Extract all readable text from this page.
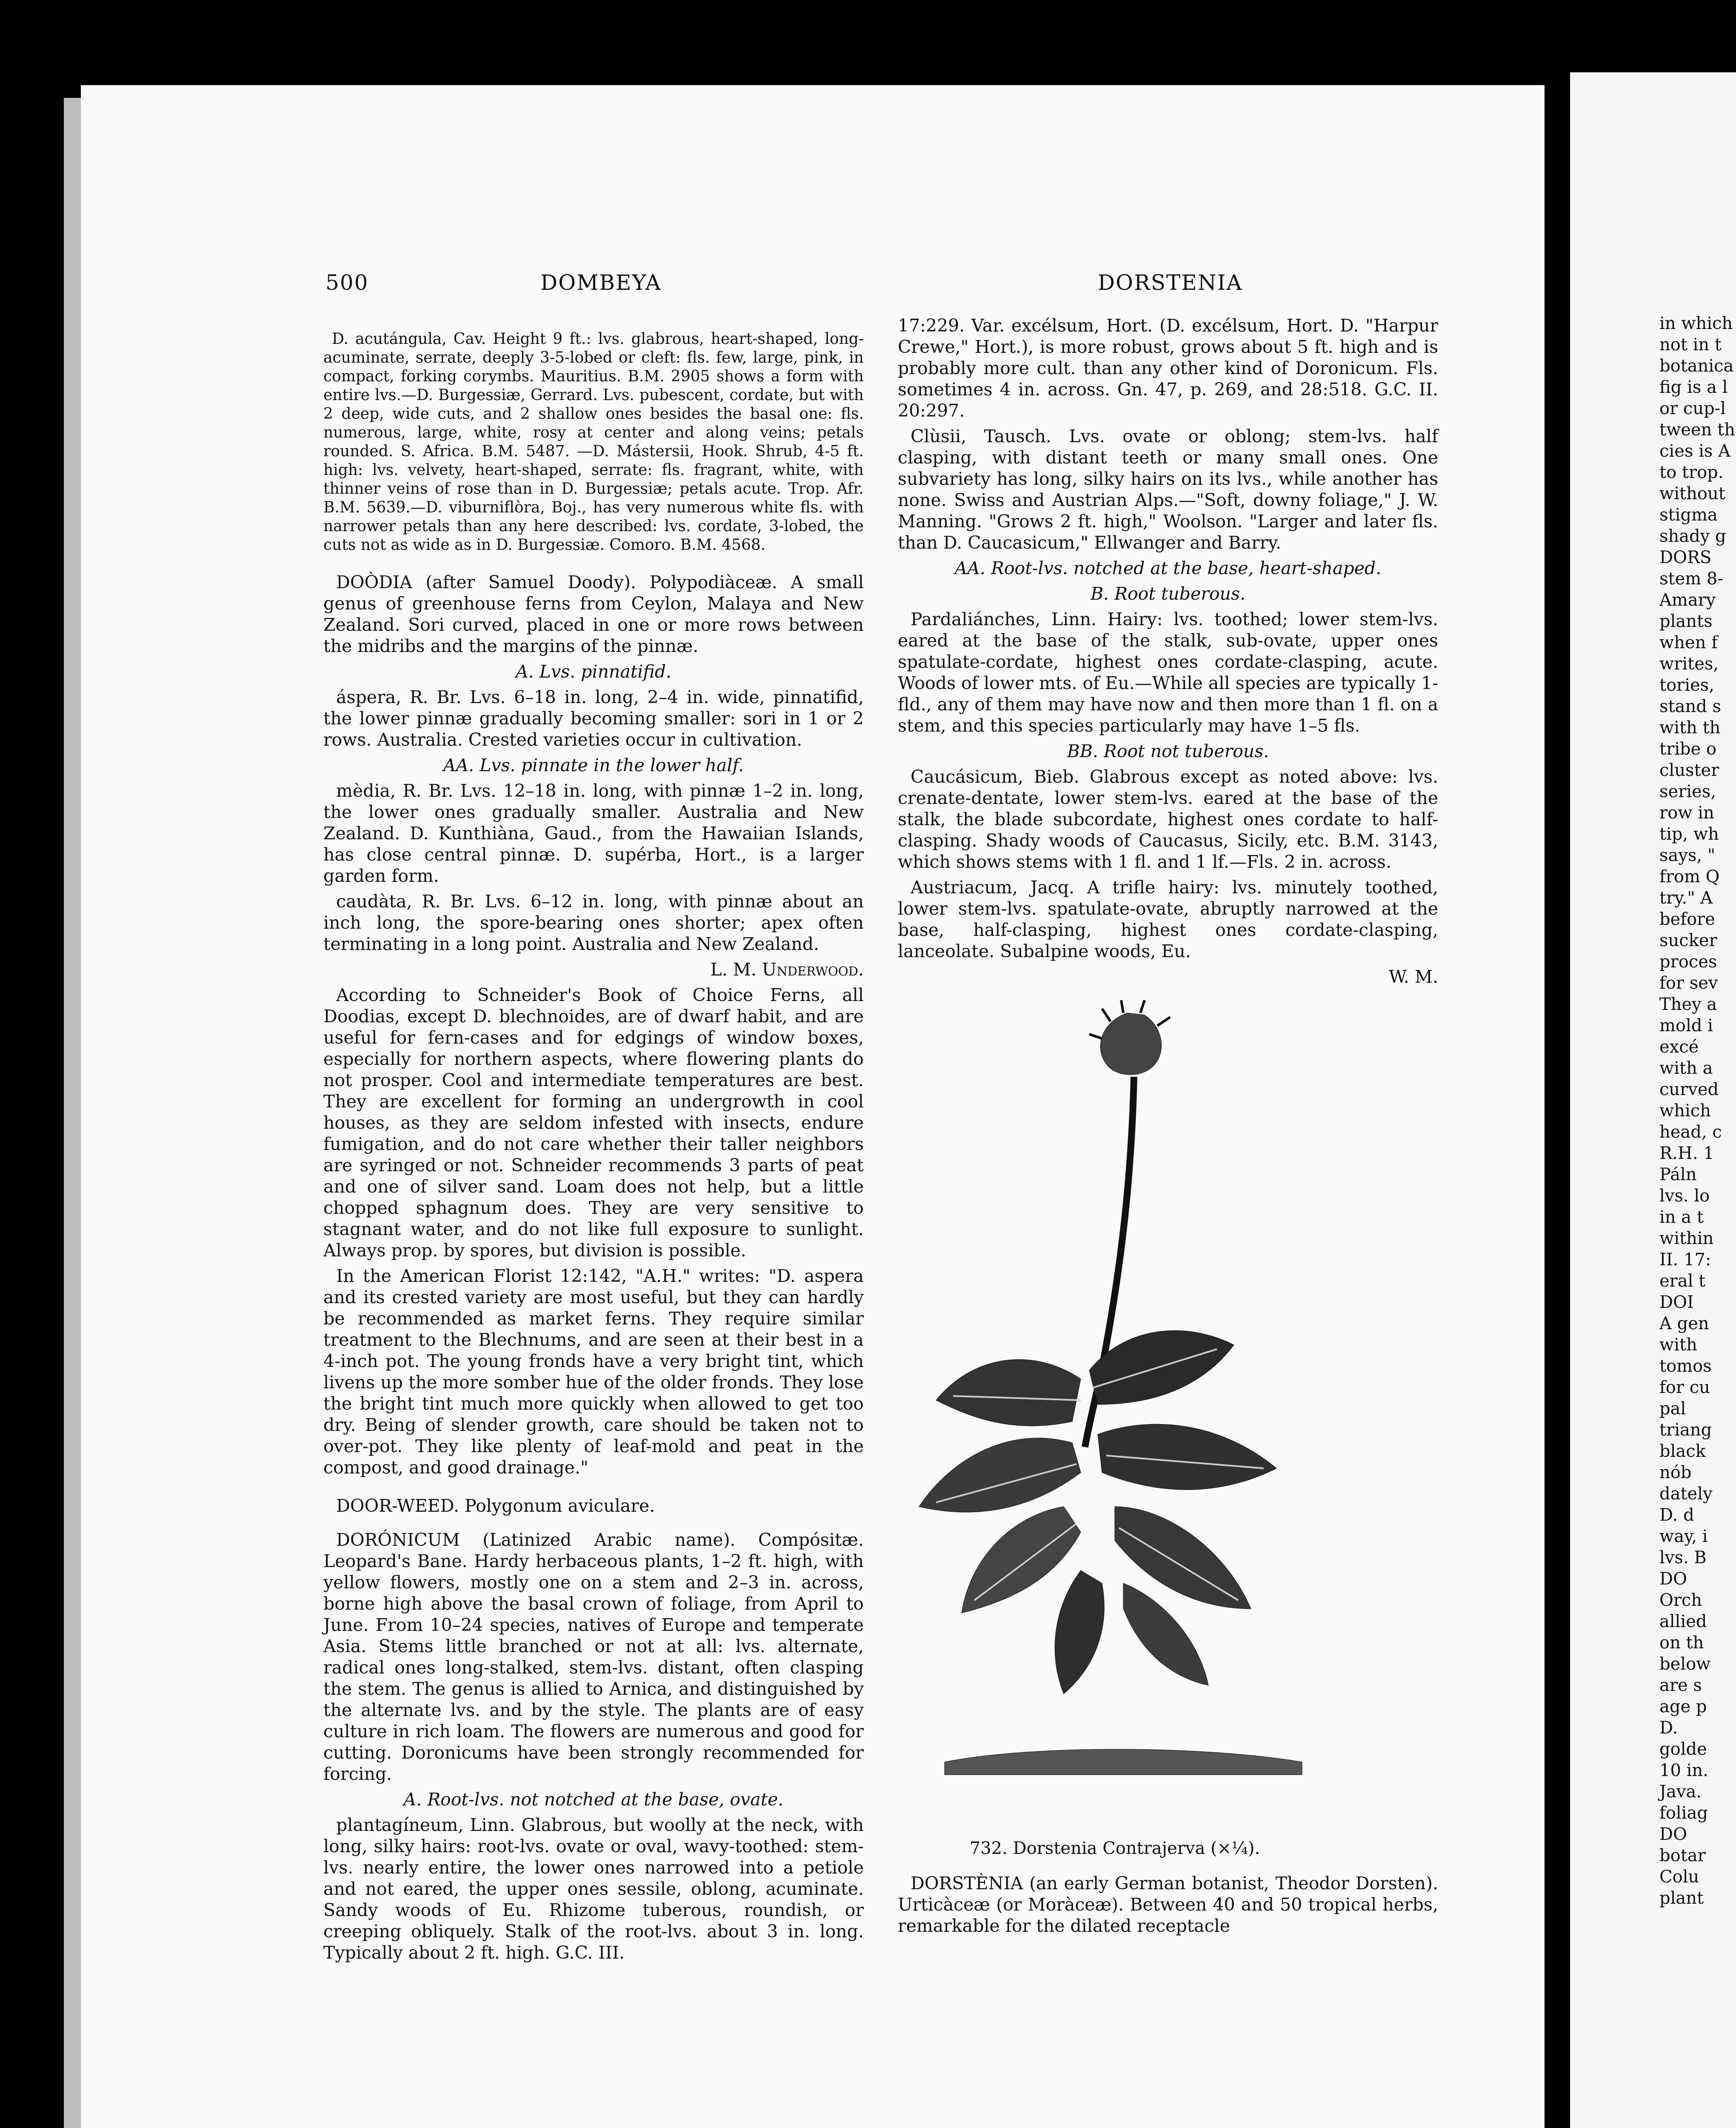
500	DOMBEYA	DORSTENIA

D. acutángula, Cav. Height 9 ft.: lvs. glabrous, heart-shaped, long-acuminate, serrate, deeply 3-5-lobed or cleft: fls. few, large, pink, in compact, forking corymbs. Mauritius. B.M. 2905 shows a form with entire lvs.—D. Burgessiæ, Gerrard. Lvs. pubescent, cordate, but with 2 deep, wide cuts, and 2 shallow ones besides the basal one: fls. numerous, large, white, rosy at center and along veins; petals rounded. S. Africa. B.M. 5487. —D. Mástersii, Hook. Shrub, 4-5 ft. high: lvs. velvety, heart-shaped, serrate: fls. fragrant, white, with thinner veins of rose than in D. Burgessiæ; petals acute. Trop. Afr. B.M. 5639.—D. viburniflòra, Boj., has very numerous white fls. with narrower petals than any here described: lvs. cordate, 3-lobed, the cuts not as wide as in D. Burgessiæ. Comoro. B.M. 4568.

DOÒDIA (after Samuel Doody). Polypodiàceæ. A small genus of greenhouse ferns from Ceylon, Malaya and New Zealand. Sori curved, placed in one or more rows between the midribs and the margins of the pinnæ.

A. Lvs. pinnatifid.

áspera, R. Br. Lvs. 6–18 in. long, 2–4 in. wide, pinnatifid, the lower pinnæ gradually becoming smaller: sori in 1 or 2 rows. Australia. Crested varieties occur in cultivation.

AA. Lvs. pinnate in the lower half.

mèdia, R. Br. Lvs. 12–18 in. long, with pinnæ 1–2 in. long, the lower ones gradually smaller. Australia and New Zealand. D. Kunthiàna, Gaud., from the Hawaiian Islands, has close central pinnæ. D. supérba, Hort., is a larger garden form.

caudàta, R. Br. Lvs. 6–12 in. long, with pinnæ about an inch long, the spore-bearing ones shorter; apex often terminating in a long point. Australia and New Zealand.

L. M. Underwood.

According to Schneider's Book of Choice Ferns, all Doodias, except D. blechnoides, are of dwarf habit, and are useful for fern-cases and for edgings of window boxes, especially for northern aspects, where flowering plants do not prosper. Cool and intermediate temperatures are best. They are excellent for forming an undergrowth in cool houses, as they are seldom infested with insects, endure fumigation, and do not care whether their taller neighbors are syringed or not. Schneider recommends 3 parts of peat and one of silver sand. Loam does not help, but a little chopped sphagnum does. They are very sensitive to stagnant water, and do not like full exposure to sunlight. Always prop. by spores, but division is possible.

In the American Florist 12:142, "A.H." writes: "D. aspera and its crested variety are most useful, but they can hardly be recommended as market ferns. They require similar treatment to the Blechnums, and are seen at their best in a 4-inch pot. The young fronds have a very bright tint, which livens up the more somber hue of the older fronds. They lose the bright tint much more quickly when allowed to get too dry. Being of slender growth, care should be taken not to over-pot. They like plenty of leaf-mold and peat in the compost, and good drainage."

DOOR-WEED. Polygonum aviculare.

DORÓNICUM (Latinized Arabic name). Compósitæ. Leopard's Bane. Hardy herbaceous plants, 1–2 ft. high, with yellow flowers, mostly one on a stem and 2–3 in. across, borne high above the basal crown of foliage, from April to June. From 10–24 species, natives of Europe and temperate Asia. Stems little branched or not at all: lvs. alternate, radical ones long-stalked, stem-lvs. distant, often clasping the stem. The genus is allied to Arnica, and distinguished by the alternate lvs. and by the style. The plants are of easy culture in rich loam. The flowers are numerous and good for cutting. Doronicums have been strongly recommended for forcing.

A. Root-lvs. not notched at the base, ovate.

plantagíneum, Linn. Glabrous, but woolly at the neck, with long, silky hairs: root-lvs. ovate or oval, wavy-toothed: stem-lvs. nearly entire, the lower ones narrowed into a petiole and not eared, the upper ones sessile, oblong, acuminate. Sandy woods of Eu. Rhizome tuberous, roundish, or creeping obliquely. Stalk of the root-lvs. about 3 in. long. Typically about 2 ft. high. G.C. III.

17:229. Var. excélsum, Hort. (D. excélsum, Hort. D. "Harpur Crewe," Hort.), is more robust, grows about 5 ft. high and is probably more cult. than any other kind of Doronicum. Fls. sometimes 4 in. across. Gn. 47, p. 269, and 28:518. G.C. II. 20:297.

Clùsii, Tausch. Lvs. ovate or oblong; stem-lvs. half clasping, with distant teeth or many small ones. One subvariety has long, silky hairs on its lvs., while another has none. Swiss and Austrian Alps.—"Soft, downy foliage," J. W. Manning. "Grows 2 ft. high," Woolson. "Larger and later fls. than D. Caucasicum," Ellwanger and Barry.

AA. Root-lvs. notched at the base, heart-shaped.

B. Root tuberous.

Pardaliánches, Linn. Hairy: lvs. toothed; lower stem-lvs. eared at the base of the stalk, sub-ovate, upper ones spatulate-cordate, highest ones cordate-clasping, acute. Woods of lower mts. of Eu.—While all species are typically 1-fld., any of them may have now and then more than 1 fl. on a stem, and this species particularly may have 1–5 fls.

BB. Root not tuberous.

Caucásicum, Bieb. Glabrous except as noted above: lvs. crenate-dentate, lower stem-lvs. eared at the base of the stalk, the blade subcordate, highest ones cordate to half-clasping. Shady woods of Caucasus, Sicily, etc. B.M. 3143, which shows stems with 1 fl. and 1 lf.—Fls. 2 in. across.

Austriacum, Jacq. A trifle hairy: lvs. minutely toothed, lower stem-lvs. spatulate-ovate, abruptly narrowed at the base, half-clasping, highest ones cordate-clasping, lanceolate. Subalpine woods, Eu.

W. M.

732. Dorstenia Contrajerva (×¼).

DORSTÈNIA (an early German botanist, Theodor Dorsten). Urticàceæ (or Moràceæ). Between 40 and 50 tropical herbs, remarkable for the dilated receptacle

in which
not in t
botanica
fig is a l
or cup-l
tween th
cies is A
to trop.
without
stigma
shady g
DORS
stem 8-
Amary
plants
when f
writes,
tories,
stand s
with th
tribe o
cluster
series,
row in
tip, wh
says, "
from Q
try." A
before
sucker
proces
for sev
They a
mold i
excé
with a
curved
which
head, c
R.H. 1
Páln
lvs. lo
in a t
within
II. 17:
eral t
DOI
A gen
with
tomos
for cu
pal
triang
black
nób
dately
D. d
way, i
lvs. B
DO
Orch
allied
on th
below
are s
age p
D.
golde
10 in.
Java.
foliag
DO
botar
Colu
plant
